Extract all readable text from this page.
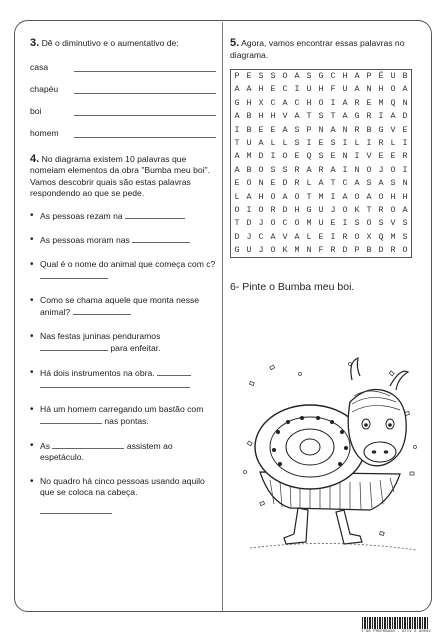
3. Dê o diminutivo e o aumentativo de:
casa
chapéu
boi
homem
4. No diagrama existem 10 palavras que nomeiam elementos da obra "Bumba meu boi". Vamos descobrir quais são estas palavras respondendo ao que se pede.
• As pessoas rezam na
• As pessoas moram nas
• Qual é o nome do animal que começa com c?
• Como se chama aquele que monta nesse animal?
• Nas festas juninas penduramos
para enfeitar.
• Há dois instrumentos na obra.

• Há um homem carregando um bastão com  nas pontas.
• As	assistem ao espetáculo.
• No quadro há cinco pessoas usando aquilo que se coloca na cabeça.

5. Agora, vamos encontrar essas palavras no diagrama.
P E S S O A S G C H A P É U B
A A H E C I U H F U A N H O A
G H X C A C H O I A R E M Q N
A B H H V A T S T A G R I A D
I B E E A S P N A N R B G V E
T U A L L S I E S I L I R L I
A M D I O E Q S E N I V E E R
A B O S S R A R A I N O J O I
E O N E D R L A T C A S A S N
L A H O A O T M I A O A O H H
O I O R D H G U J O K T R O A
T D J O C O M U E I S O S V S
D J C A V A L E I R O X Q M S
G U J O K M N F R D P B D R O
6- Pinte o Bumba meu boi.
1 98 PROFRBA08 - ATIV 0 A0002
